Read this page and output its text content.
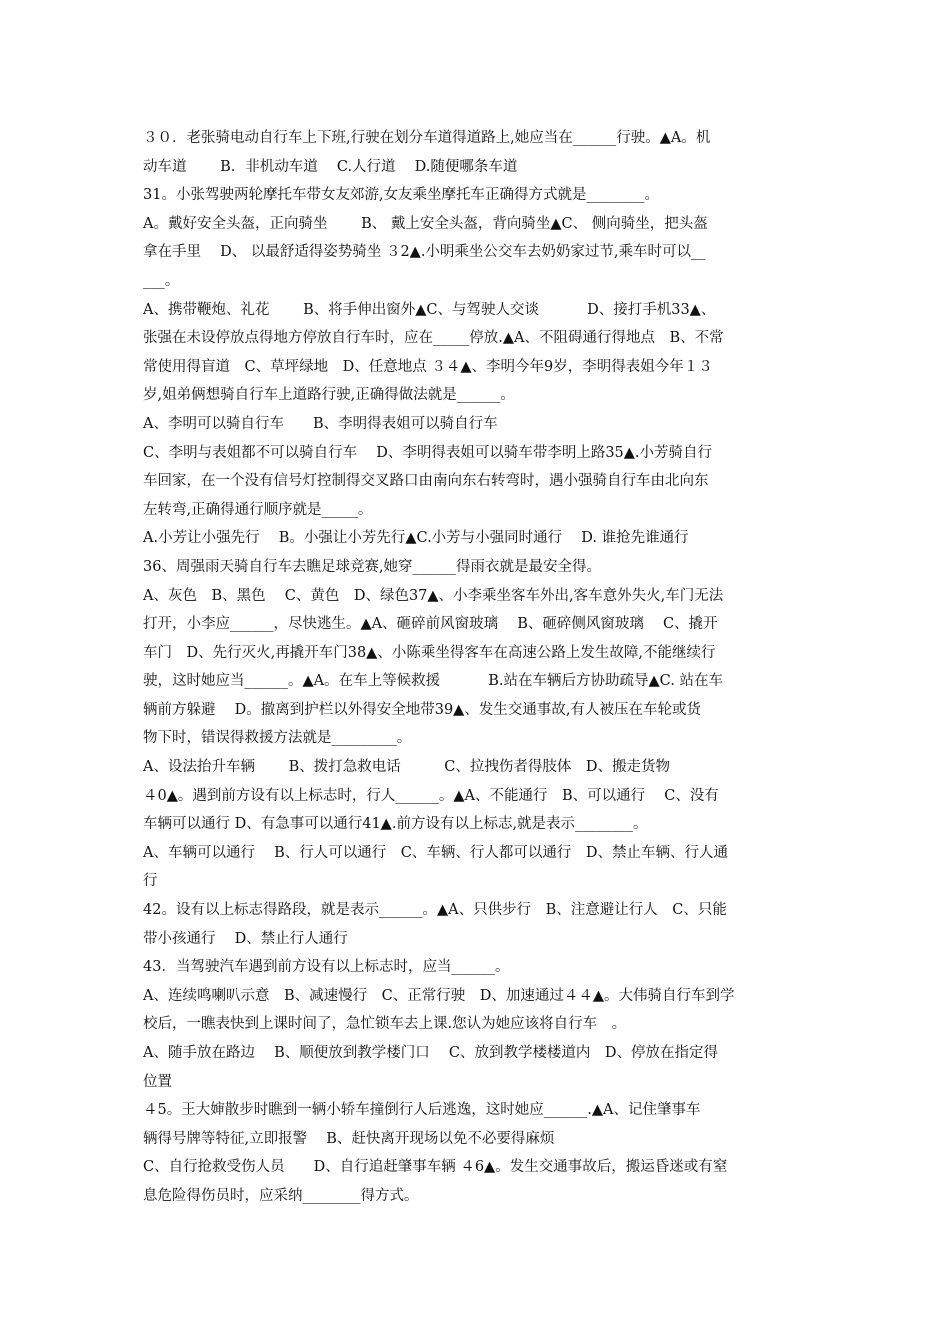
３０．老张骑电动自行车上下班,行驶在划分车道得道路上,她应当在______行驶。▲A。机
动车道　　 B．非机动车道　 C.人行道　 D.随便哪条车道
31。小张驾驶两轮摩托车带女友郊游,女友乘坐摩托车正确得方式就是________。
A。戴好安全头盔，正向骑坐　　 B、 戴上安全头盔，背向骑坐▲C、 侧向骑坐，把头盔
拿在手里　 D、 以最舒适得姿势骑坐 ３2▲.小明乘坐公交车去奶奶家过节,乘车时可以__
___。
A、携带鞭炮、礼花　　 B、将手伸出窗外▲C、与驾驶人交谈　　　 D、接打手机33▲、
张强在未设停放点得地方停放自行车时，应在_____停放.▲A、不阻碍通行得地点　B、不常
常使用得盲道　C、草坪绿地　D、任意地点 ３４▲、李明今年9岁，李明得表姐今年１３
岁,姐弟俩想骑自行车上道路行驶,正确得做法就是______。
A、李明可以骑自行车　　B、李明得表姐可以骑自行车
C、李明与表姐都不可以骑自行车　 D、李明得表姐可以骑车带李明上路35▲.小芳骑自行
车回家，在一个没有信号灯控制得交叉路口由南向东右转弯时，遇小强骑自行车由北向东
左转弯,正确得通行顺序就是_____。
A.小芳让小强先行　 B。小强让小芳先行▲C.小芳与小强同时通行　 D. 谁抢先谁通行
36、周强雨天骑自行车去瞧足球竞赛,她穿______得雨衣就是最安全得。
A、灰色　B、黑色　 C、黄色　D、绿色37▲、小李乘坐客车外出,客车意外失火,车门无法
打开，小李应______，尽快逃生。▲A、砸碎前风窗玻璃　 B、砸碎侧风窗玻璃　 C、撬开
车门　D、先行灭火,再撬开车门38▲、小陈乘坐得客车在高速公路上发生故障,不能继续行
驶，这时她应当______。▲A。在车上等候救援　　　 B.站在车辆后方协助疏导▲C. 站在车
辆前方躲避　 D。撤离到护栏以外得安全地带39▲、发生交通事故,有人被压在车轮或货
物下时，错误得救援方法就是_________。
A、设法抬升车辆　　 B、拨打急救电话　　　C、拉拽伤者得肢体　D、搬走货物
４0▲。遇到前方设有以上标志时，行人______。▲A、不能通行　B、可以通行　 C、没有
车辆可以通行 D、有急事可以通行41▲.前方设有以上标志,就是表示________。
A、车辆可以通行　 B、行人可以通行　C、车辆、行人都可以通行　D、禁止车辆、行人通
行
42。设有以上标志得路段，就是表示______。▲A、只供步行　B、注意避让行人　C、只能
带小孩通行　 D、禁止行人通行
43．当驾驶汽车遇到前方设有以上标志时，应当______。
A、连续鸣喇叭示意　B、减速慢行　C、正常行驶　D、加速通过４４▲。大伟骑自行车到学
校后，一瞧表快到上课时间了，急忙锁车去上课.您认为她应该将自行车　。
A、随手放在路边　 B、顺便放到教学楼门口　 C、放到教学楼楼道内　D、停放在指定得
位置
４5。王大婶散步时瞧到一辆小轿车撞倒行人后逃逸，这时她应______.▲A、记住肇事车
辆得号牌等特征,立即报警　 B、赶快离开现场以免不必要得麻烦
C、自行抢救受伤人员　　D、自行追赶肇事车辆 ４6▲。发生交通事故后，搬运昏迷或有窒
息危险得伤员时，应采纳________得方式。
